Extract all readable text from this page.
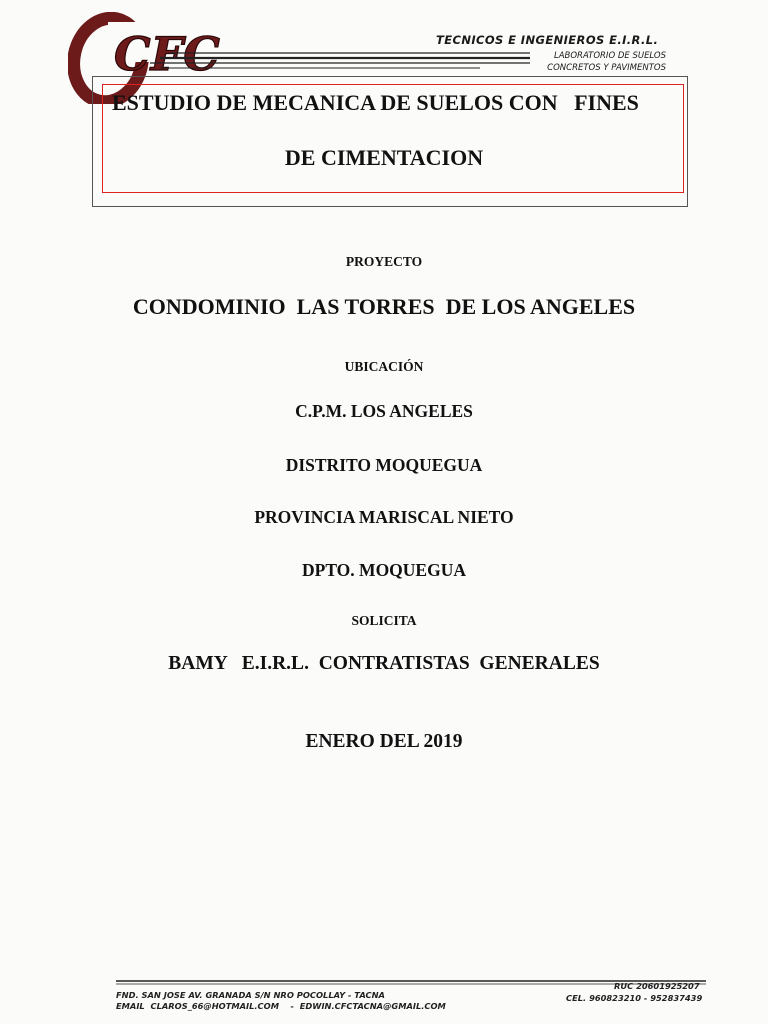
CFC	TECNICOS E INGENIEROS E.I.R.L.
LABORATORIO DE SUELOS
CONCRETOS Y PAVIMENTOS
ESTUDIO DE MECANICA DE SUELOS CON   FINES
DE CIMENTACION
PROYECTO
CONDOMINIO  LAS TORRES  DE LOS ANGELES
UBICACIÓN
C.P.M. LOS ANGELES
DISTRITO MOQUEGUA
PROVINCIA MARISCAL NIETO
DPTO. MOQUEGUA
SOLICITA
BAMY   E.I.R.L.  CONTRATISTAS  GENERALES
ENERO DEL 2019
FND. SAN JOSE AV. GRANADA S/N NRO POCOLLAY - TACNA
EMAIL  CLAROS_66@HOTMAIL.COM    -  EDWIN.CFCTACNA@GMAIL.COM
RUC 20601925207
CEL. 960823210 - 952837439
